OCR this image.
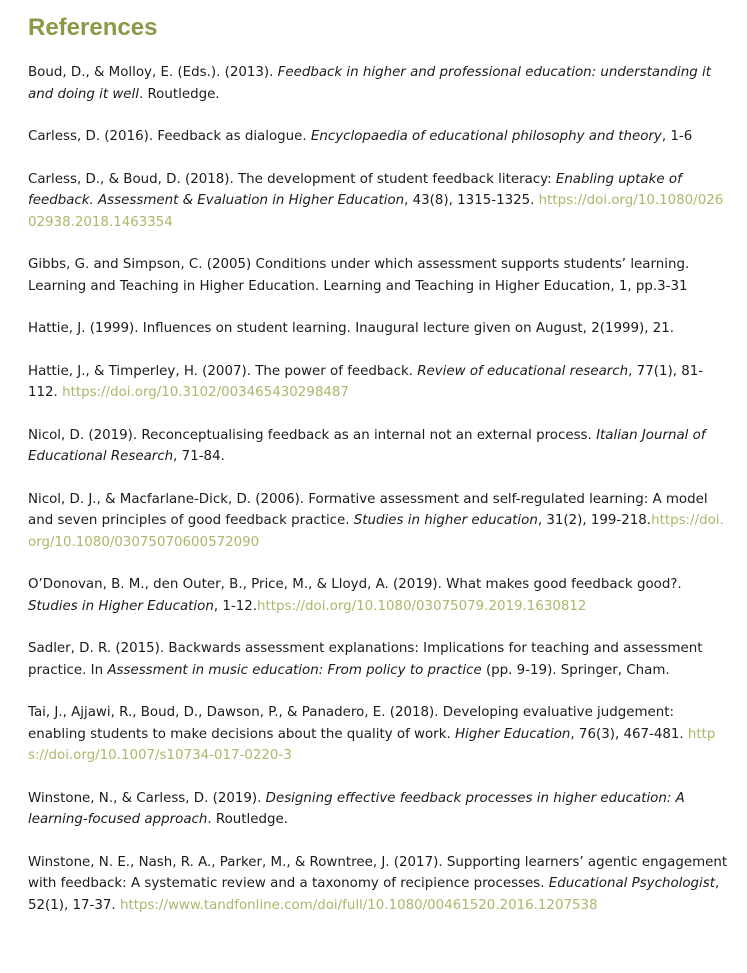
References
Boud, D., & Molloy, E. (Eds.). (2013). Feedback in higher and professional education: understanding it and doing it well. Routledge.
Carless, D. (2016). Feedback as dialogue. Encyclopaedia of educational philosophy and theory, 1-6
Carless, D., & Boud, D. (2018). The development of student feedback literacy: Enabling uptake of feedback. Assessment & Evaluation in Higher Education, 43(8), 1315-1325. https://doi.org/10.1080/02602938.2018.1463354
Gibbs, G. and Simpson, C. (2005) Conditions under which assessment supports students’ learning. Learning and Teaching in Higher Education. Learning and Teaching in Higher Education, 1, pp.3-31
Hattie, J. (1999). Influences on student learning. Inaugural lecture given on August, 2(1999), 21.
Hattie, J., & Timperley, H. (2007). The power of feedback. Review of educational research, 77(1), 81-112. https://doi.org/10.3102/003465430298487
Nicol, D. (2019). Reconceptualising feedback as an internal not an external process. Italian Journal of Educational Research, 71-84.
Nicol, D. J., & Macfarlane-Dick, D. (2006). Formative assessment and self-regulated learning: A model and seven principles of good feedback practice. Studies in higher education, 31(2), 199-218.https://doi.org/10.1080/03075070600572090
O’Donovan, B. M., den Outer, B., Price, M., & Lloyd, A. (2019). What makes good feedback good?. Studies in Higher Education, 1-12.https://doi.org/10.1080/03075079.2019.1630812
Sadler, D. R. (2015). Backwards assessment explanations: Implications for teaching and assessment practice. In Assessment in music education: From policy to practice (pp. 9-19). Springer, Cham.
Tai, J., Ajjawi, R., Boud, D., Dawson, P., & Panadero, E. (2018). Developing evaluative judgement: enabling students to make decisions about the quality of work. Higher Education, 76(3), 467-481. https://doi.org/10.1007/s10734-017-0220-3
Winstone, N., & Carless, D. (2019). Designing effective feedback processes in higher education: A learning-focused approach. Routledge.
Winstone, N. E., Nash, R. A., Parker, M., & Rowntree, J. (2017). Supporting learners’ agentic engagement with feedback: A systematic review and a taxonomy of recipience processes. Educational Psychologist, 52(1), 17-37. https://www.tandfonline.com/doi/full/10.1080/00461520.2016.1207538
